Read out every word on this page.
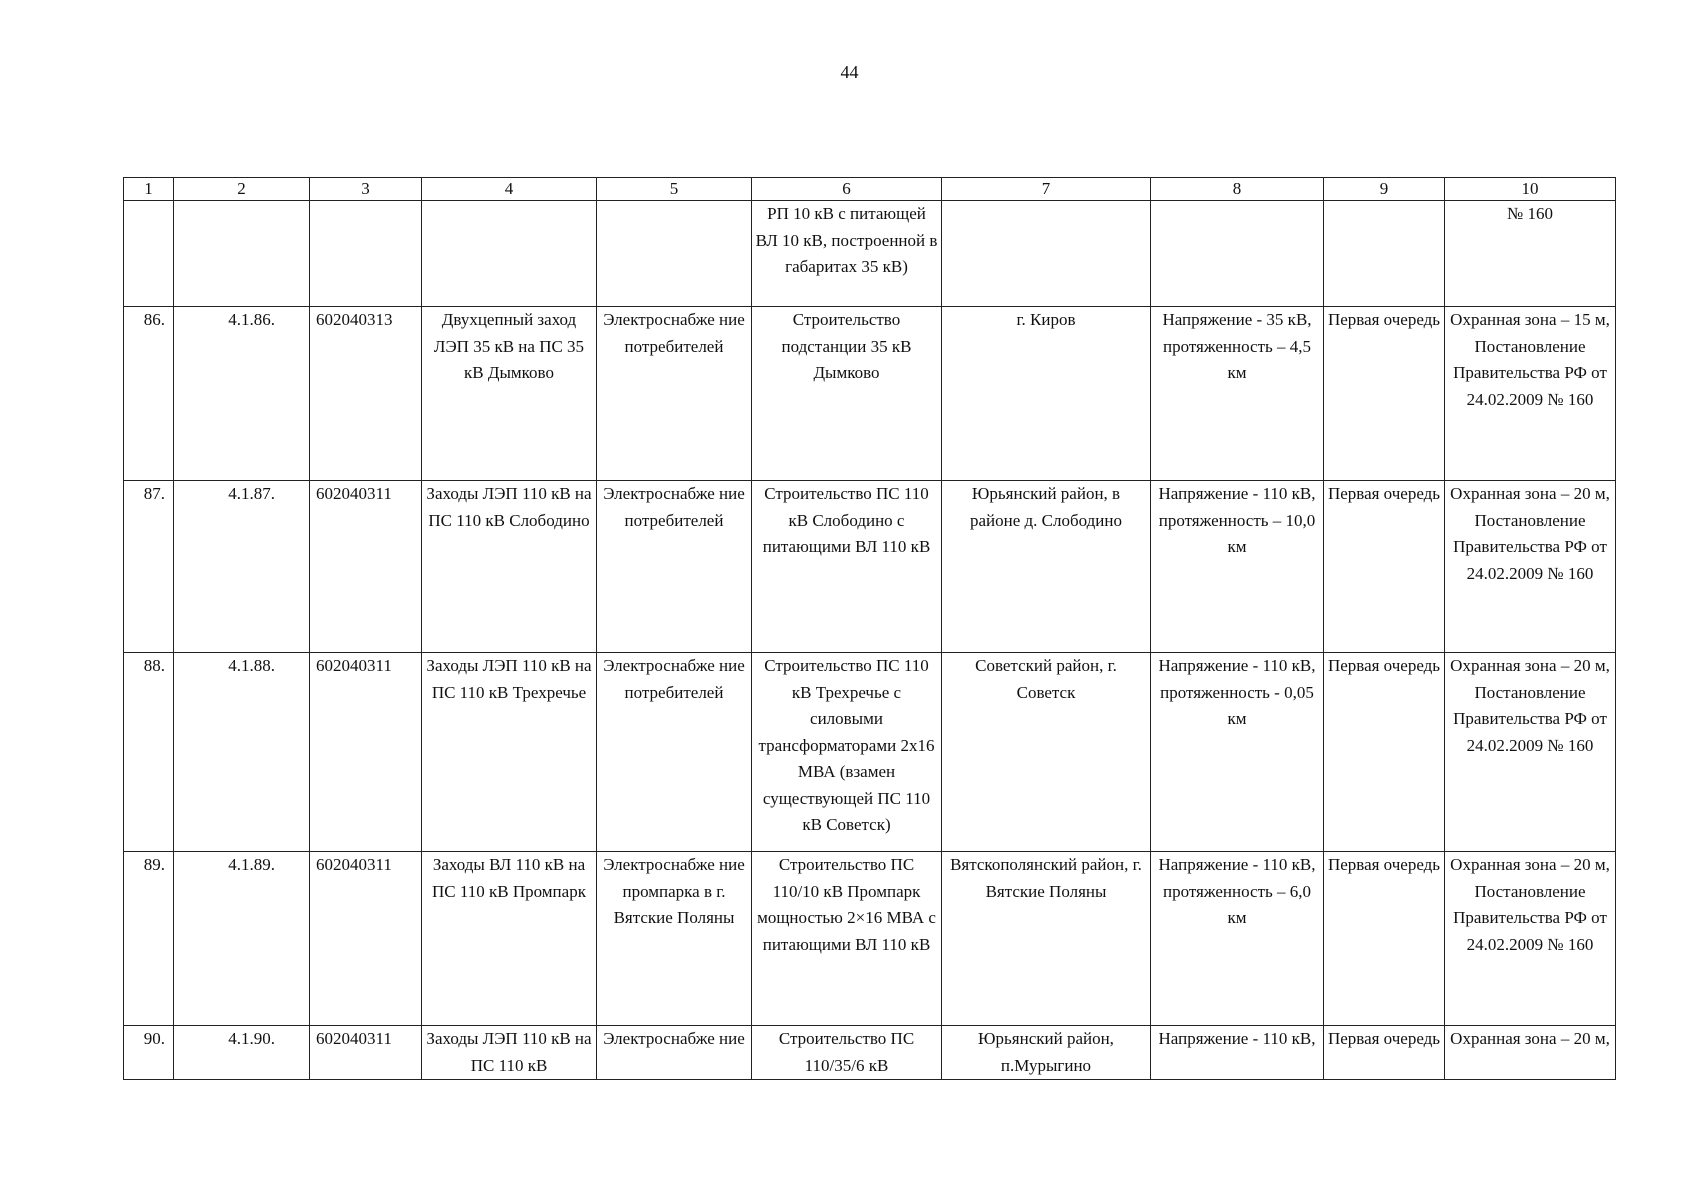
44
1	2	3	4	5	6	7	8	9	10
					РП 10 кВ с питающей ВЛ 10 кВ, построенной в габаритах 35 кВ)				№ 160
86.	4.1.86.	602040313	Двухцепный заход ЛЭП 35 кВ на ПС 35 кВ Дымково	Электроснабже ние потребителей	Строительство подстанции 35 кВ Дымково	г. Киров	Напряжение - 35 кВ, протяженность – 4,5 км	Первая очередь	Охранная зона – 15 м, Постановление Правительства РФ от 24.02.2009 № 160
87.	4.1.87.	602040311	Заходы ЛЭП 110 кВ на ПС 110 кВ Слободино	Электроснабже ние потребителей	Строительство ПС 110 кВ Слободино с питающими ВЛ 110 кВ	Юрьянский район, в районе д. Слободино	Напряжение - 110 кВ, протяженность – 10,0 км	Первая очередь	Охранная зона – 20 м, Постановление Правительства РФ от 24.02.2009 № 160
88.	4.1.88.	602040311	Заходы ЛЭП 110 кВ на ПС 110 кВ Трехречье	Электроснабже ние потребителей	Строительство ПС 110 кВ Трехречье с силовыми трансформаторами 2х16 МВА (взамен существующей ПС 110 кВ Советск)	Советский район, г. Советск	Напряжение - 110 кВ, протяженность - 0,05 км	Первая очередь	Охранная зона – 20 м, Постановление Правительства РФ от 24.02.2009 № 160
89.	4.1.89.	602040311	Заходы ВЛ 110 кВ на ПС 110 кВ Промпарк	Электроснабже ние промпарка в г. Вятские Поляны	Строительство ПС 110/10 кВ Промпарк мощностью 2×16 МВА с питающими ВЛ 110 кВ	Вятскополянский район, г. Вятские Поляны	Напряжение - 110 кВ, протяженность – 6,0 км	Первая очередь	Охранная зона – 20 м, Постановление Правительства РФ от 24.02.2009 № 160
90.	4.1.90.	602040311	Заходы ЛЭП 110 кВ на ПС 110 кВ	Электроснабже ние	Строительство ПС 110/35/6 кВ	Юрьянский район, п.Мурыгино	Напряжение - 110 кВ,	Первая очередь	Охранная зона – 20 м,
